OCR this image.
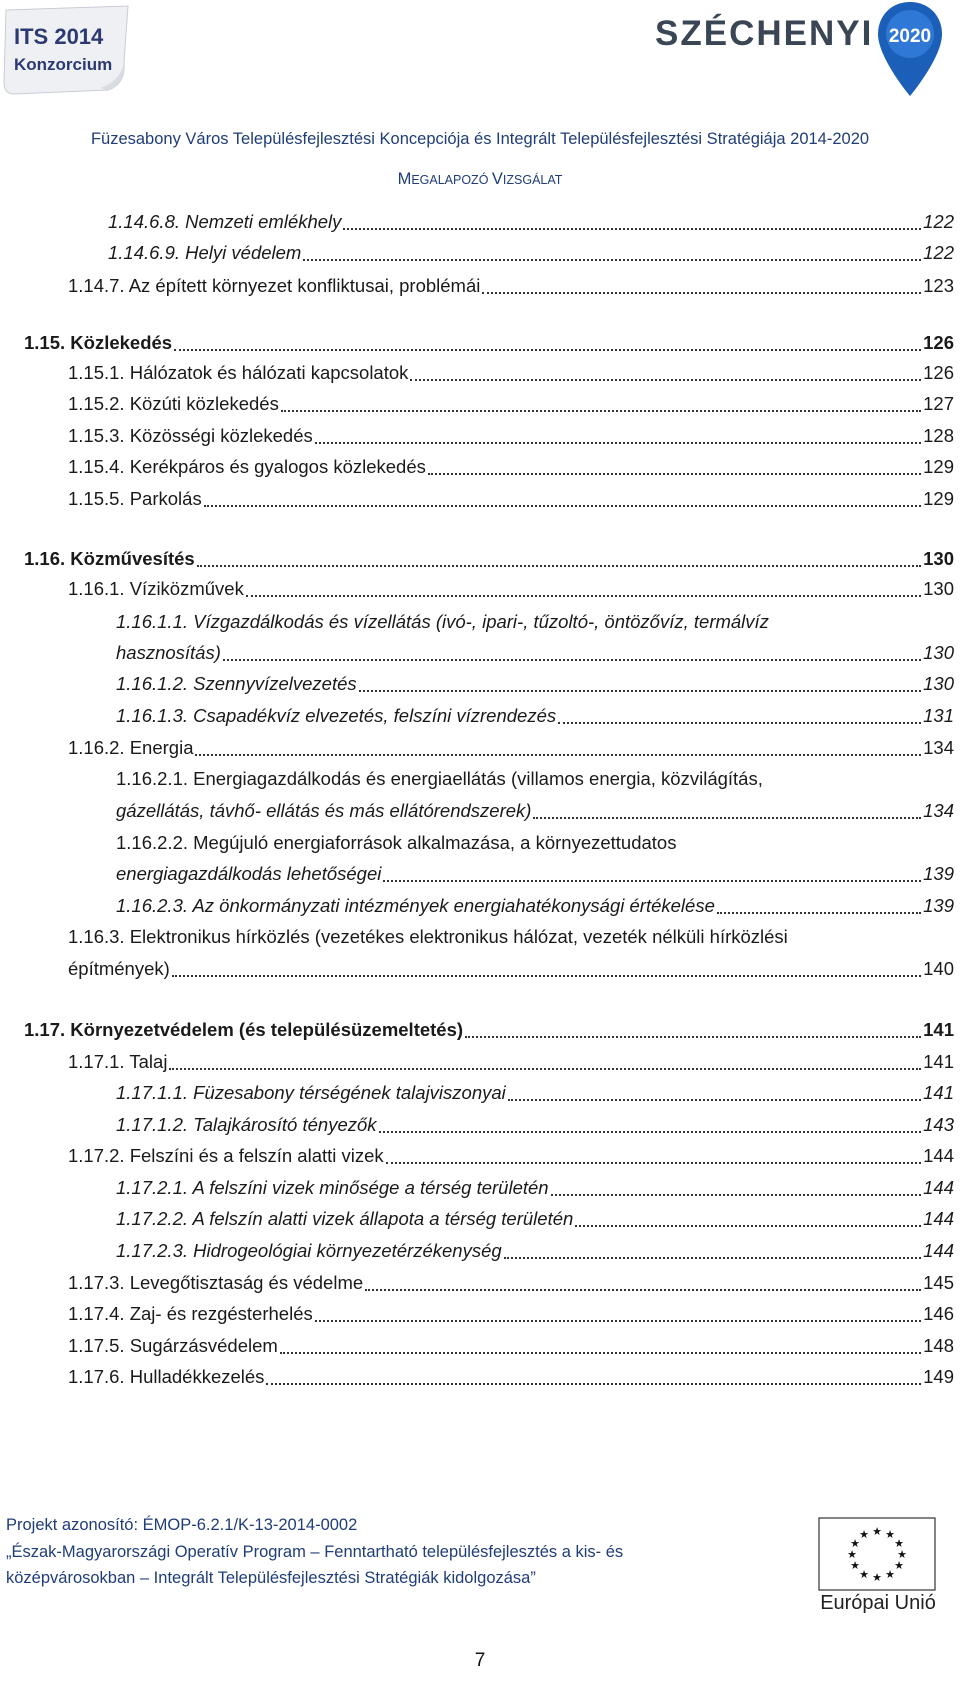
ITS 2014
Konzorcium
SZÉCHENYI 2020
Füzesabony Város Településfejlesztési Koncepciója és Integrált Településfejlesztési Stratégiája 2014-2020
MEGALAPOZÓ VIZSGÁLAT
1.14.6.8. Nemzeti emlékhely	122
1.14.6.9. Helyi védelem	122
1.14.7. Az épített környezet konfliktusai, problémái	123
1.15. Közlekedés	126
1.15.1. Hálózatok és hálózati kapcsolatok	126
1.15.2. Közúti közlekedés	127
1.15.3. Közösségi közlekedés	128
1.15.4. Kerékpáros és gyalogos közlekedés	129
1.15.5. Parkolás	129
1.16. Közművesítés	130
1.16.1. Víziközművek	130
1.16.1.1. Vízgazdálkodás és vízellátás (ivó-, ipari-, tűzoltó-, öntözővíz, termálvíz
hasznosítás)	130
1.16.1.2. Szennyvízelvezetés	130
1.16.1.3. Csapadékvíz elvezetés, felszíni vízrendezés	131
1.16.2. Energia	134
1.16.2.1. Energiagazdálkodás és energiaellátás (villamos energia, közvilágítás,
gázellátás, távhő- ellátás és más ellátórendszerek)	134
1.16.2.2. Megújuló energiaforrások alkalmazása, a környezettudatos
energiagazdálkodás lehetőségei	139
1.16.2.3. Az önkormányzati intézmények energiahatékonysági értékelése	139
1.16.3. Elektronikus hírközlés (vezetékes elektronikus hálózat, vezeték nélküli hírközlési
építmények)	140
1.17. Környezetvédelem (és településüzemeltetés)	141
1.17.1. Talaj	141
1.17.1.1. Füzesabony térségének talajviszonyai	141
1.17.1.2. Talajkárosító tényezők	143
1.17.2. Felszíni és a felszín alatti vizek	144
1.17.2.1. A felszíni vizek minősége a térség területén	144
1.17.2.2. A felszín alatti vizek állapota a térség területén	144
1.17.2.3. Hidrogeológiai környezetérzékenység	144
1.17.3. Levegőtisztaság és védelme	145
1.17.4. Zaj- és rezgésterhelés	146
1.17.5. Sugárzásvédelem	148
1.17.6. Hulladékkezelés	149
Projekt azonosító: ÉMOP-6.2.1/K-13-2014-0002
„Észak-Magyarországi Operatív Program – Fenntartható településfejlesztés a kis- és
középvárosokban – Integrált Településfejlesztési Stratégiák kidolgozása”
★ ★
★
★
★
★
★
★
★
★
★
★
Európai Unió
7
